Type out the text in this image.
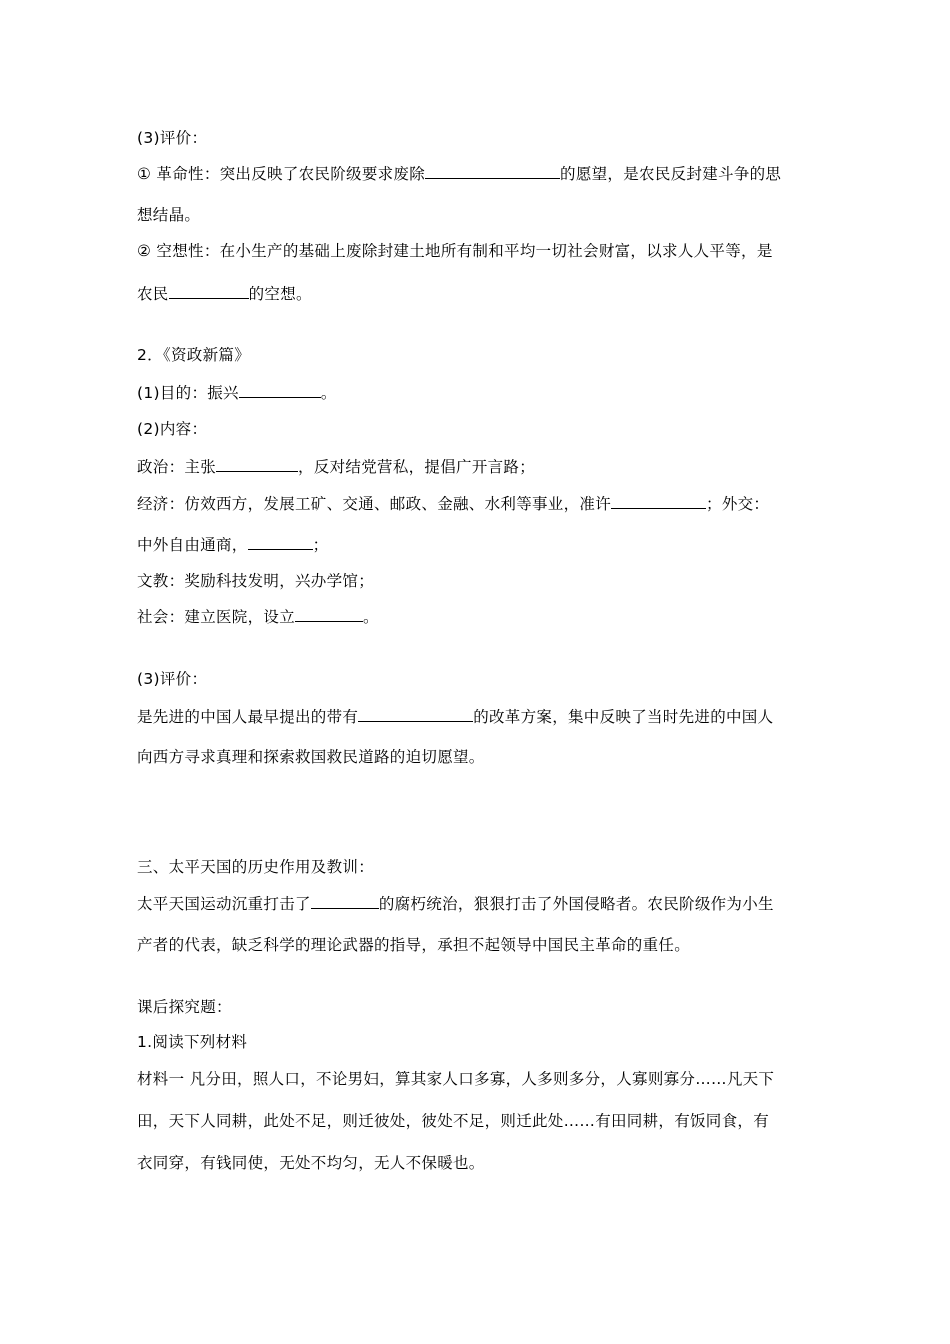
(3)评价：
① 革命性：突出反映了农民阶级要求废除	的愿望，是农民反封建斗争的思
想结晶。
② 空想性：在小生产的基础上废除封建土地所有制和平均一切社会财富，以求人人平等，是
农民	的空想。
2．《资政新篇》
(1)目的：振兴	。
(2)内容：
政治：主张	，反对结党营私，提倡广开言路；
经济：仿效西方，发展工矿、交通、邮政、金融、水利等事业，准许	；外交：
中外自由通商，	；
文教：奖励科技发明，兴办学馆；
社会：建立医院，设立	。
(3)评价：
是先进的中国人最早提出的带有	的改革方案，集中反映了当时先进的中国人
向西方寻求真理和探索救国救民道路的迫切愿望。
三、太平天国的历史作用及教训：
太平天国运动沉重打击了	的腐朽统治，狠狠打击了外国侵略者。农民阶级作为小生
产者的代表，缺乏科学的理论武器的指导，承担不起领导中国民主革命的重任。
课后探究题：
1.阅读下列材料
材料一 凡分田，照人口，不论男妇，算其家人口多寡，人多则多分，人寡则寡分……凡天下
田，天下人同耕，此处不足，则迁彼处，彼处不足，则迁此处……有田同耕，有饭同食，有
衣同穿，有钱同使，无处不均匀，无人不保暖也。
